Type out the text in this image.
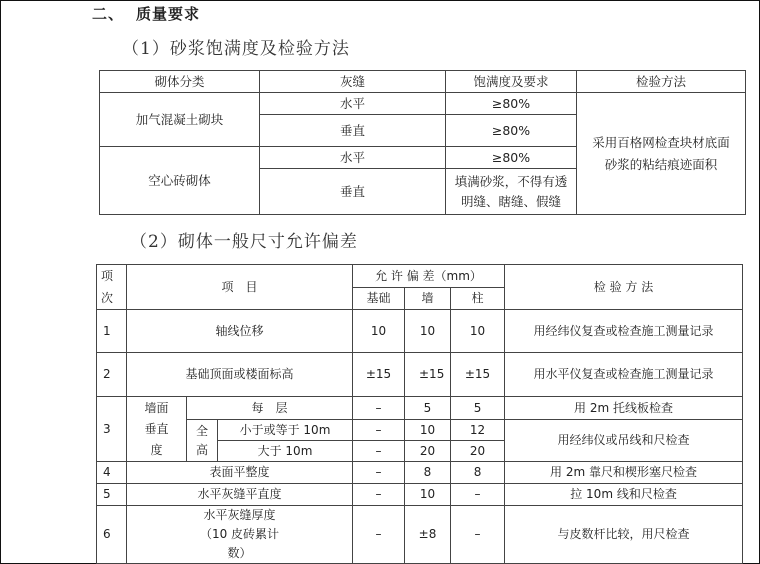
二、 质量要求
（1）砂浆饱满度及检验方法
砌体分类	灰缝	饱满度及要求	检验方法
加气混凝土砌块	水平	≥80%	采用百格网检查块材底面砂浆的粘结痕迹面积
	垂直	≥80%	
空心砖砌体	水平	≥80%	
	垂直	填满砂浆，不得有透明缝、瞎缝、假缝	
（2）砌体一般尺寸允许偏差
项次	项　目			允 许 偏 差（mm）			检 验 方 法
				基础	墙	柱	
1	轴线位移			10	10	10	用经纬仪复查或检查施工测量记录
2	基础顶面或楼面标高			±15	±15	±15	用水平仪复查或检查施工测量记录
3	墙面垂直度	每　层		–	5	5	用 2m 托线板检查
		全高	小于或等于 10m	–	10	12	用经纬仪或吊线和尺检查
			大于 10m	–	20	20	
4	表面平整度			–	8	8	用 2m 靠尺和楔形塞尺检查
5	水平灰缝平直度			–	10	–	拉 10m 线和尺检查
6	水平灰缝厚度（10 皮砖累计数）			–	±8	–	与皮数杆比较，用尺检查
